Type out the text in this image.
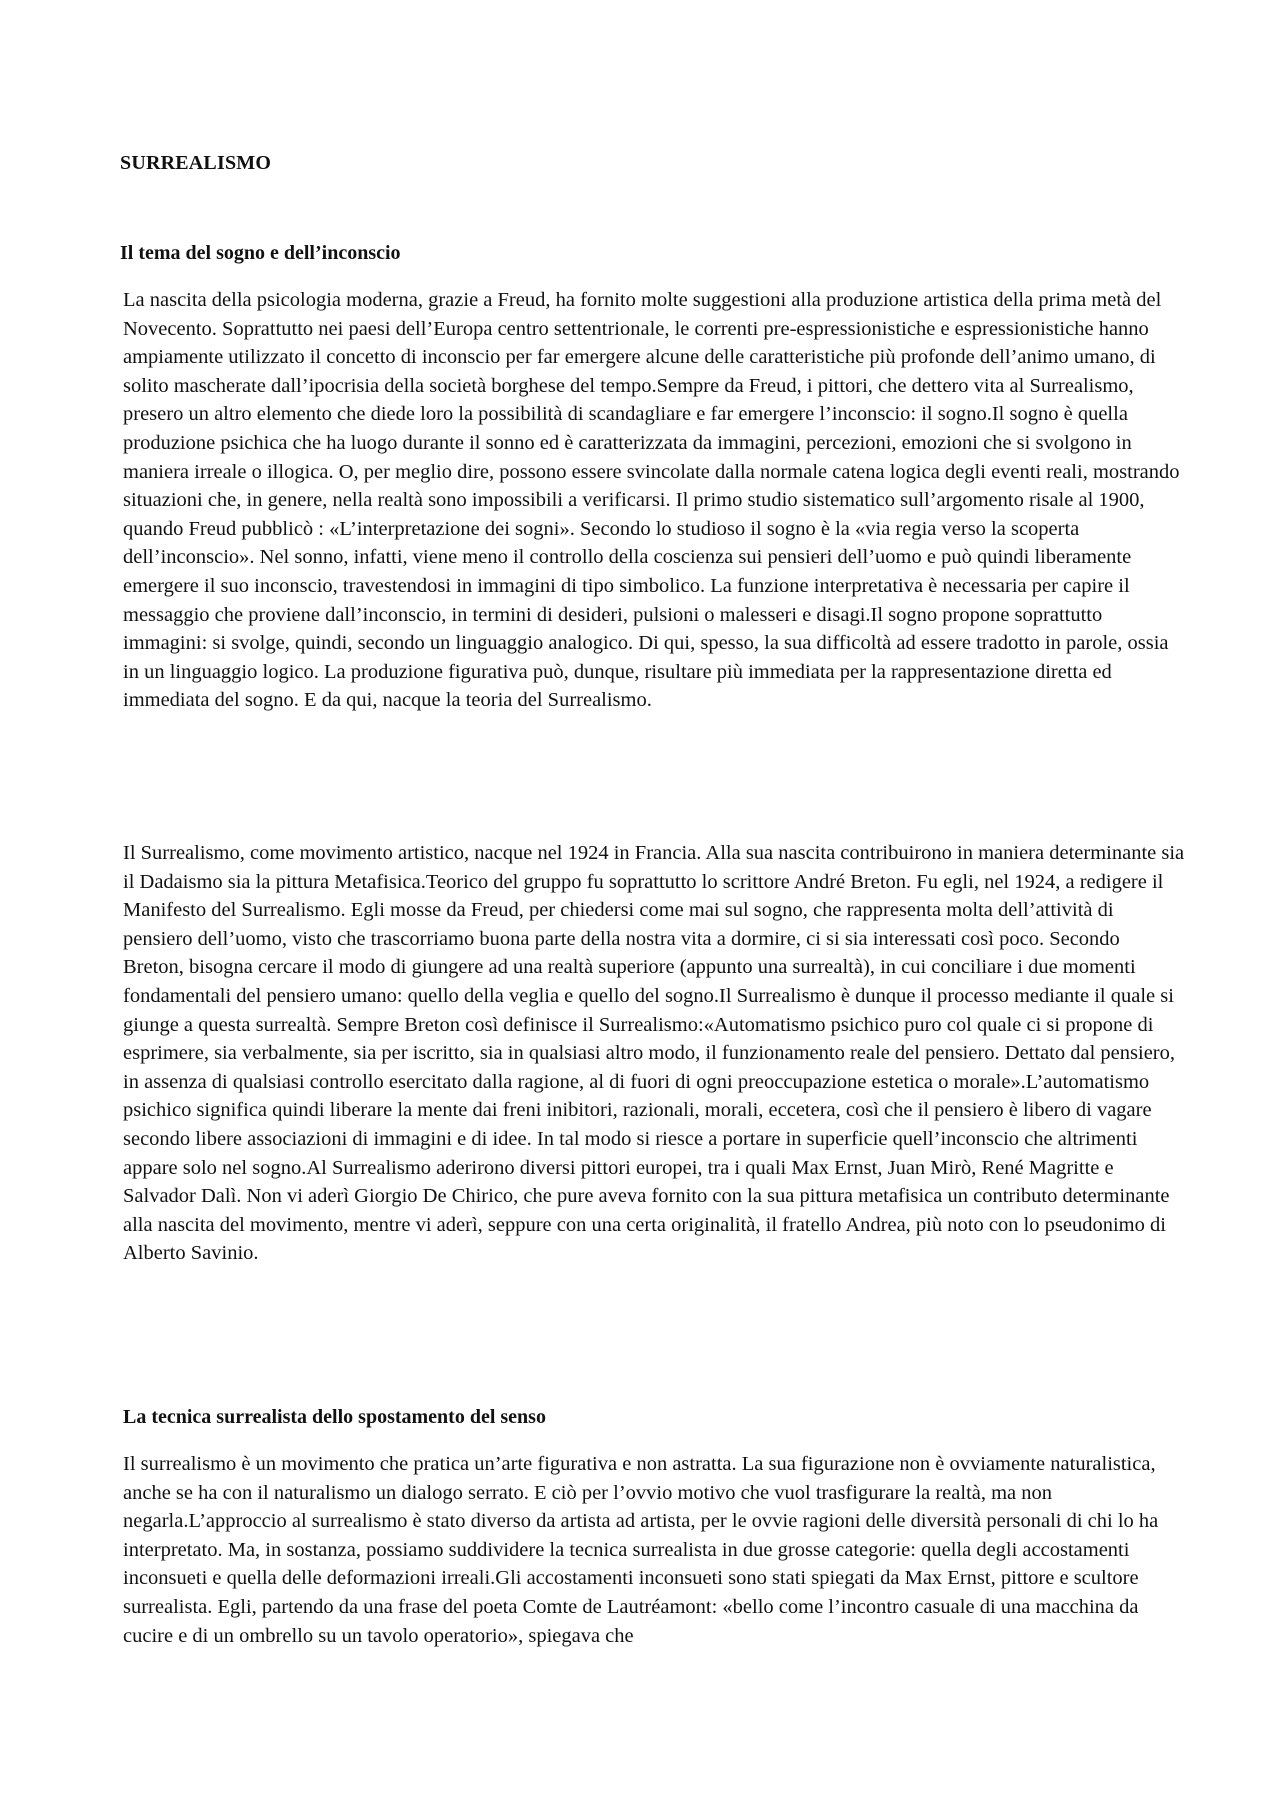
SURREALISMO
Il tema del sogno e dell’inconscio

La nascita della psicologia moderna, grazie a Freud, ha fornito molte suggestioni alla produzione artistica della prima metà del Novecento. Soprattutto nei paesi dell’Europa centro settentrionale, le correnti pre-espressionistiche e espressionistiche hanno ampiamente utilizzato il concetto di inconscio per far emergere alcune delle caratteristiche più profonde dell’animo umano, di solito mascherate dall’ipocrisia della società borghese del tempo.Sempre da Freud, i pittori, che dettero vita al Surrealismo, presero un altro elemento che diede loro la possibilità di scandagliare e far emergere l’inconscio: il sogno.Il sogno è quella produzione psichica che ha luogo durante il sonno ed è caratterizzata da immagini, percezioni, emozioni che si svolgono in maniera irreale o illogica. O, per meglio dire, possono essere svincolate dalla normale catena logica degli eventi reali, mostrando situazioni che, in genere, nella realtà sono impossibili a verificarsi. Il primo studio sistematico sull’argomento risale al 1900, quando Freud pubblicò : «L’interpretazione dei sogni». Secondo lo studioso il sogno è la «via regia verso la scoperta dell’inconscio». Nel sonno, infatti, viene meno il controllo della coscienza sui pensieri dell’uomo e può quindi liberamente emergere il suo inconscio, travestendosi in immagini di tipo simbolico. La funzione interpretativa è necessaria per capire il messaggio che proviene dall’inconscio, in termini di desideri, pulsioni o malesseri e disagi.Il sogno propone soprattutto immagini: si svolge, quindi, secondo un linguaggio analogico. Di qui, spesso, la sua difficoltà ad essere tradotto in parole, ossia in un linguaggio logico. La produzione figurativa può, dunque, risultare più immediata per la rappresentazione diretta ed immediata del sogno. E da qui, nacque la teoria del Surrealismo.

Il Surrealismo, come movimento artistico, nacque nel 1924 in Francia. Alla sua nascita contribuirono in maniera determinante sia il Dadaismo sia la pittura Metafisica.Teorico del gruppo fu soprattutto lo scrittore André Breton. Fu egli, nel 1924, a redigere il Manifesto del Surrealismo. Egli mosse da Freud, per chiedersi come mai sul sogno, che rappresenta molta dell’attività di pensiero dell’uomo, visto che trascorriamo buona parte della nostra vita a dormire, ci si sia interessati così poco. Secondo Breton, bisogna cercare il modo di giungere ad una realtà superiore (appunto una surrealtà), in cui conciliare i due momenti fondamentali del pensiero umano: quello della veglia e quello del sogno.Il Surrealismo è dunque il processo mediante il quale si giunge a questa surrealtà. Sempre Breton così definisce il Surrealismo:«Automatismo psichico puro col quale ci si propone di esprimere, sia verbalmente, sia per iscritto, sia in qualsiasi altro modo, il funzionamento reale del pensiero. Dettato dal pensiero, in assenza di qualsiasi controllo esercitato dalla ragione, al di fuori di ogni preoccupazione estetica o morale».L’automatismo psichico significa quindi liberare la mente dai freni inibitori, razionali, morali, eccetera, così che il pensiero è libero di vagare secondo libere associazioni di immagini e di idee. In tal modo si riesce a portare in superficie quell’inconscio che altrimenti appare solo nel sogno.Al Surrealismo aderirono diversi pittori europei, tra i quali Max Ernst, Juan Mirò, René Magritte e Salvador Dalì. Non vi aderì Giorgio De Chirico, che pure aveva fornito con la sua pittura metafisica un contributo determinante alla nascita del movimento, mentre vi aderì, seppure con una certa originalità, il fratello Andrea, più noto con lo pseudonimo di Alberto Savinio.

La tecnica surrealista dello spostamento del senso

Il surrealismo è un movimento che pratica un’arte figurativa e non astratta. La sua figurazione non è ovviamente naturalistica, anche se ha con il naturalismo un dialogo serrato. E ciò per l’ovvio motivo che vuol trasfigurare la realtà, ma non negarla.L’approccio al surrealismo è stato diverso da artista ad artista, per le ovvie ragioni delle diversità personali di chi lo ha interpretato. Ma, in sostanza, possiamo suddividere la tecnica surrealista in due grosse categorie: quella degli accostamenti inconsueti e quella delle deformazioni irreali.Gli accostamenti inconsueti sono stati spiegati da Max Ernst, pittore e scultore surrealista. Egli, partendo da una frase del poeta Comte de Lautréamont: «bello come l’incontro casuale di una macchina da cucire e di un ombrello su un tavolo operatorio», spiegava che
